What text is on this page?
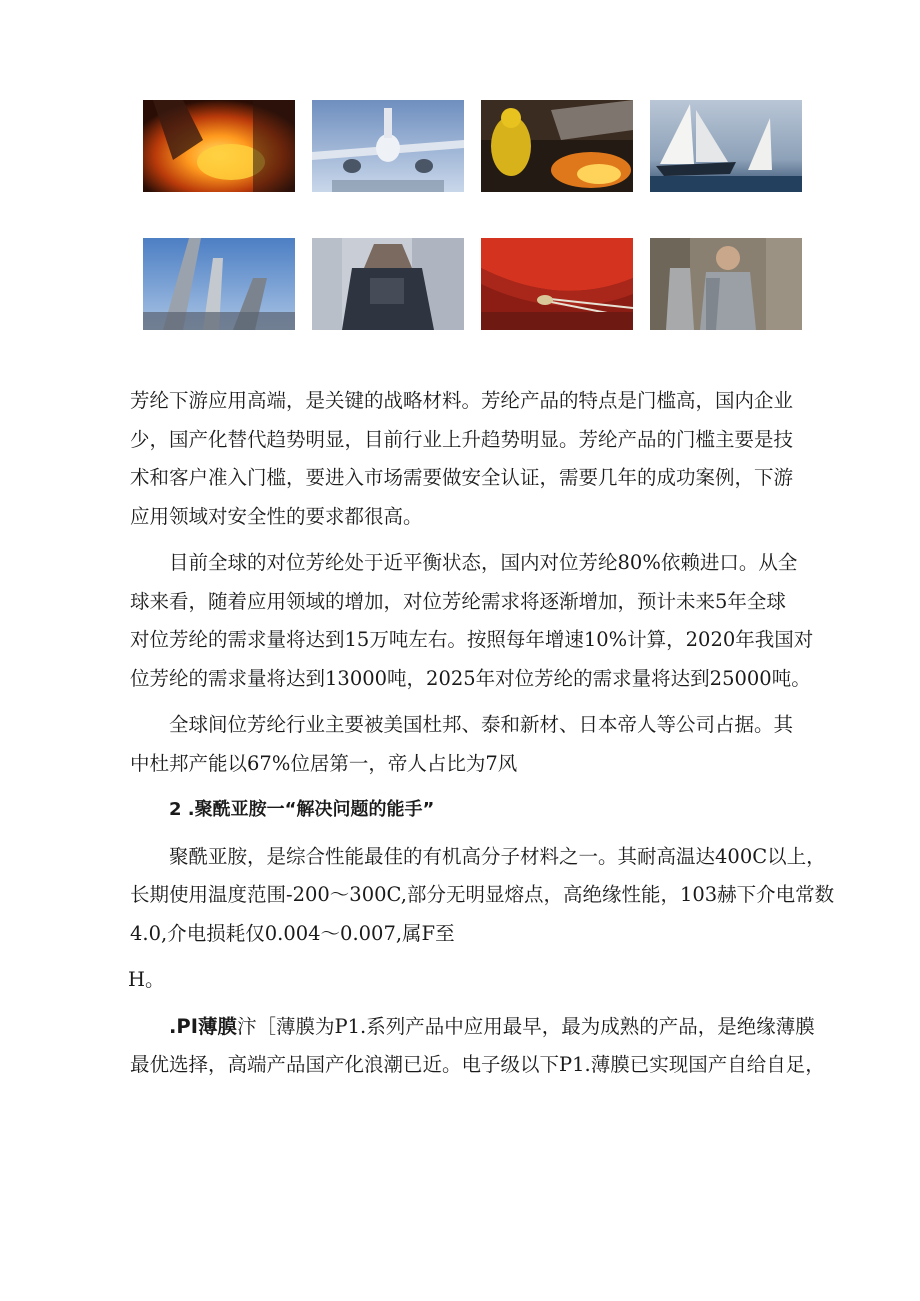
芳纶下游应用高端，是关键的战略材料。芳纶产品的特点是门槛高，国内企业
少，国产化替代趋势明显，目前行业上升趋势明显。芳纶产品的门槛主要是技
术和客户准入门槛，要进入市场需要做安全认证，需要几年的成功案例，下游
应用领域对安全性的要求都很高。

目前全球的对位芳纶处于近平衡状态，国内对位芳纶80%依赖进口。从全
球来看，随着应用领域的增加，对位芳纶需求将逐渐增加，预计未来5年全球
对位芳纶的需求量将达到15万吨左右。按照每年增速10%计算，2020年我国对
位芳纶的需求量将达到13000吨，2025年对位芳纶的需求量将达到25000吨。

全球间位芳纶行业主要被美国杜邦、泰和新材、日本帝人等公司占据。其
中杜邦产能以67%位居第一，帝人占比为7风

2 .聚酰亚胺一“解决问题的能手”

聚酰亚胺，是综合性能最佳的有机高分子材料之一。其耐高温达400C以上，
长期使用温度范围-200〜300C,部分无明显熔点，高绝缘性能，103赫下介电常数
4.0,介电损耗仅0.004〜0.007,属F至

H。

.PI薄膜汴［薄膜为P1.系列产品中应用最早，最为成熟的产品，是绝缘薄膜
最优选择，高端产品国产化浪潮已近。电子级以下P1.薄膜已实现国产自给自足，
